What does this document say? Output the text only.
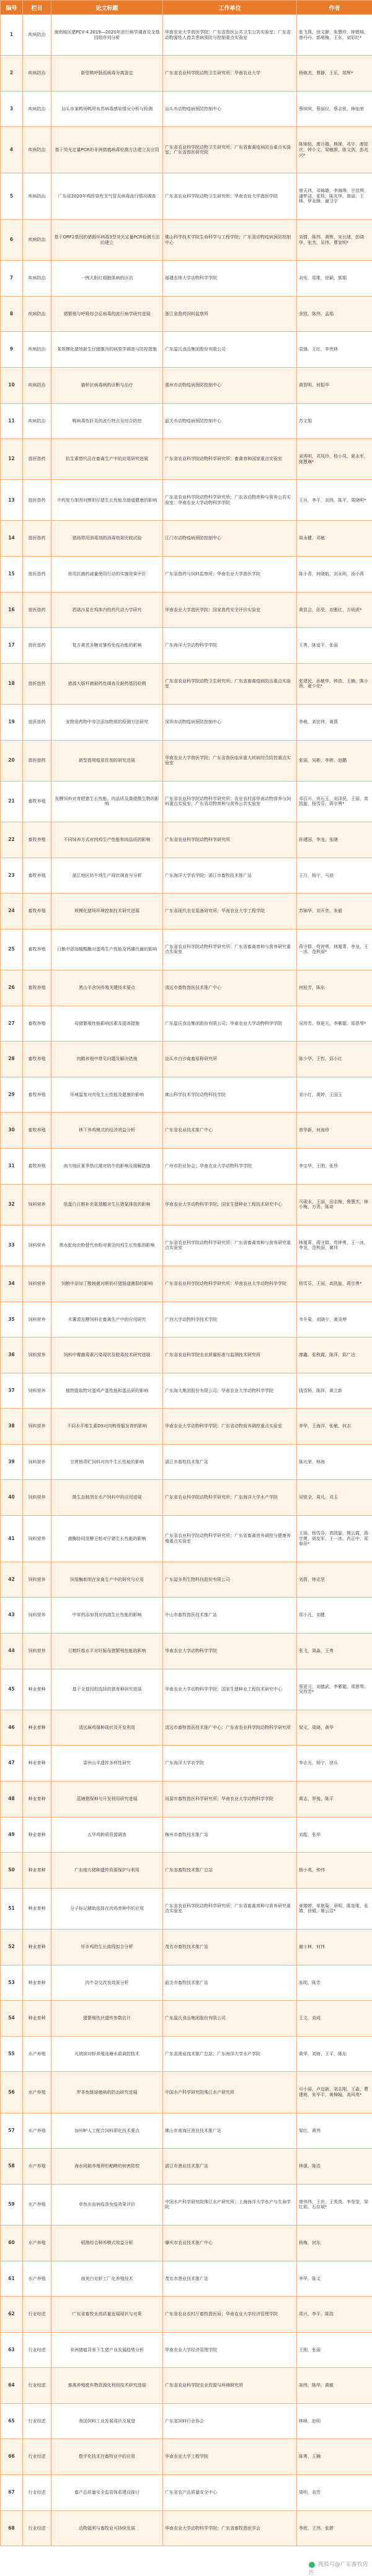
编号	栏目	论文标题	工作单位	作者
1	疾病防治	海南地区猪PCV-4 2019—2020年流行病学调查及全基因组序列分析	华南农业大学兽医学院；广东省兽医公共卫生公共实验室；广东省动物源性人兽共患病预防与控制重点实验室	张飞燕，徐文静，朱慧玲，钟碧城，曾丹丹，郭萌梅，王东，刘彩红*
2	疾病防治	新型鸭呼肠孤病毒分离鉴定	广东省农业科学院动物卫生研究所；华南农业大学	杨焕杰，曹静，王乐，郑辉*
3	疾病防治	汕头市某鸭场鸭坦布苏病毒感染情况分析与检测	汕头市动物疫病预防控制中心	蔡缤缤，蔡丽仪，蔡志锐，林灿荣
4	疾病防治	基于荧光定量PCR的非洲猪瘟病毒检测方法建立及应用	广东省农业科学院动物卫生研究所；广东省畜禽疫病防治重点实验室；广东省兽医研究院	陈锦铭，廖月娥，熊婵，邓宇，廖铭庆，钟小文，梁敏颜，陈文剑，彭兆兴*
5	疾病防治	广东省2020年鸡传染性支气管炎病毒流行情况调查	广东省农业科学院动物卫生研究所；华南农业大学兽医学院	曾天玮，邓锦雄，李海珠，甘佳琪，潘梦洁，张琰，陈光华，曾丽，王林，罗永锋，谢卫宇
6	疾病防治	基于ORF2基因的猪圆环病毒3型荧光定量PCR检测方法的建立	佛山科学技术学院生命科学与工程学院；广东省动物疫病预防控制中心	刘倩，陈伟，黄辉，宋长绪，彭晓华，张杰，吴伟，曹家明*
7	疾病防治	一例犬附红细胞体病的诊治	福建农林大学动物科学学院	刘安，郑维，徐颖，郭娟
8	疾病防治	猪繁殖与呼吸综合征病毒的流行病学研究进展	浙江省兽药饲料监察所	余凯，陈伟，孟娟
9	疾病防治	某规模化猪场新生仔猪腹泻的病原学调查与防控措施	广东温氏食品集团股份有限公司	袁锋，王红，李贵林
10	疾病防治	猫杯状病毒病的诊断与治疗	惠州市动物疫病预防控制中心	黄智明，何振华
11	疾病防治	鸭病毒性肝炎的流行特点及综合防控	韶关市动物疫病预防控制中心	苏文娟
12	兽医兽药	抗生素替代品在畜禽生产中的应用研究进展	广东省农业科学院动物科学研究所；畜禽育种国家重点实验室	刘秀明，邓凤玲，杨小凤，夏永军，陈慧琳*
13	兽医兽药	中药复方制剂对断奶仔猪生长性能及肠道健康的影响	广东省农业科学院动物科学研究所；广东省动物育种与营养公共实验室；华南农业大学动物科学学院	王兵，李平，刘伟，陈平，周晓明*
14	兽医兽药	猪场常用消毒剂的消毒效果比较试验	江门市动物疫病预防控制中心	周永健，邓敏
15	兽医兽药	兽用抗菌药减量使用行动的实施效果评价	广东省兽药与饲料监察所；华南农业大学兽医学院	陈小青，何晓航，刘永明，汤小燕
16	兽医兽药	恩诺沙星在鸡体内的药代动力学研究	华南农业大学兽医学院；国家兽药安全评价实验室	黄显会，孙坚，刘雅红，方炳虎*
17	兽医兽药	复方黄芪多糖对雏鸡免疫功能的影响	广东海洋大学动物科学学院	王勇，陈爱平，张丽
18	兽医兽药	猪源大肠杆菌耐药性调查及耐药基因检测	广东省农业科学院动物卫生研究所；广东省畜禽疫病防治重点实验室	张建民，孙敏华，钟浩，王楠，陈小燕，翟少伦*
19	兽医兽药	宠物用药物中非法添加物质的检测方法研究	深圳市动物疫病预防控制中心	李萌，刘宏伟，黄燕
20	兽医兽药	新型兽用疫苗佐剂的研究进展	华南农业大学兽医学院；广东省兽医临床重大疾病综合防控重点实验室	张丽，吴彬，李婷，赵鹏
21	畜牧养殖	发酵饲料对育肥猪生长性能、肉品质及粪便微生物的影响	广东省农业科学院动物科学研究所；农业农村部华南动物营养与饲料重点实验室；广东省动物育种与营养公共实验室	邓百川，宾石玉，刘泽民，王丽，高凯旋，杨雪芬，蒋宗勇*
22	畜牧养殖	不同饲养方式对肉鸡生产性能和肉品质的影响	广东省农业科学院动物科学研究所	孙建国，李龙，张晓
23	畜牧养殖	湛江地区奶牛场生产现状调查与分析	广东海洋大学农学院；湛江市畜牧技术推广站	王月，杨宁，马波
24	畜牧养殖	规模化猪场环境控制技术研究进展	广东省现代农业装备研究所；华南农业大学工程学院	苏锦华，刘开亮，朱毅
25	畜牧养殖	日粮中添加植酸酶对蛋鸡生产性能及钙磷代谢的影响	广东省农业科学院动物科学研究所；广东省畜禽育种与营养研究重点实验室	蒋守群，苟钟勇，林厦菁，李龙，王一冰，范秋丽*
26	畜牧养殖	黑山羊舍饲养殖关键技术要点	清远市畜牧兽医技术推广中心	何桂芳，陈东
27	畜牧养殖	母猪繁殖性能影响因素及提高措施	广东温氏食品集团股份有限公司；华南农业大学动物科学学院	吴珍芳，蔡更元，李紫聪，郑恩琴*
28	畜牧养殖	肉鹅养殖中常见问题及解决措施	汕头市白沙禽畜原种研究所	陈少华，王哲，邱小红
29	畜牧养殖	环境温度对肉兔生长性能及健康的影响	佛山科学技术学院动物科技学院	刘小红，黄婷，王国玉
30	畜牧养殖	林下养鸡模式的经济效益分析	广东省农业技术推广中心	曾华新，何海珍
31	畜牧养殖	南方地区夏季热应激对奶牛的影响及缓解措施	广州市奶业协会；华南农业大学动物科学学院	李宝华，王刚，张珍
32	饲料营养	低蛋白日粮补充氨基酸对生长猪氮排放的影响	华南农业大学动物科学学院；国家生猪种业工程技术研究中心	马现永，王丽，田志梅，鲁慧杰，林小梅，万青，陈奇
33	饲料营养	黑水虻幼虫粉替代鱼粉对黄羽肉鸡生长性能的影响	广东省农业科学院动物科学研究所；广东省畜禽育种与营养研究重点实验室	林厦菁，蒋守群，苟钟勇，王一冰，李龙，范秋丽，谢玮
34	饲料营养	饲粮中添加丁酸梭菌对断奶仔猪肠道菌群的影响	广东省农业科学院动物科学研究所；华南农业大学动物科学学院	杨雪芬，王丽，高凯旋，蒋宗勇*
35	饲料营养	木薯渣发酵饲料在畜禽生产中的应用研究	广西大学动物科学技术学院	韦升菊，刘晓宁，黄炎坤
36	饲料营养	饲料中霉菌毒素污染现状及脱毒技术研究进展	广东省农业科学院农业质量标准与监测技术研究所	廖鑫，张秋霞，陈萍，邱广达
37	饲料营养	植物提取物对蛋鸡产蛋性能和蛋品质的影响	广东海大集团股份有限公司；华南农业大学动物科学学院	钱雪桥，陈祥，黄立新
38	饲料营养	不同水平维生素D3对肉鸭骨骼发育的影响	华南农业大学动物科学学院；广东省动物营养调控重点实验室	李华，王海洋，张敏，何志
39	饲料营养	甘蔗梢青贮饲料对肉牛生长性能的影响	湛江市畜牧技术推广站	陈光荣，林海
40	饲料营养	微生态制剂在水产饲料中的应用进展	广东省农业科学院动物科学研究所；广东海洋大学水产学院	吴锐全，周凡，邓玉
41	饲料营养	菌酶协同发酵豆粕对仔猪生长性能的影响	广东省农业科学院动物科学研究所；广东省畜禽营养调控与健康养殖重点实验室	王丽，杨雪芬，高凯旋，熊云霞，蒋宗勇，胡友军，王一冰，肖正中，郑春田*
42	饲料营养	饲用酶制剂在家禽生产中的研究与应用	广东溢多利生物科技股份有限公司	刘燕，钟志坚
43	饲料营养	中草药添加剂对肉鸽生长性能的影响	中山市畜牧兽医技术推广站	郑小凡，刘健
44	饲料营养	日粮纤维水平对妊娠母猪繁殖性能的影响	华南农业大学动物科学学院	张飞，周淼，王勇
45	种业育种	基于全基因组选择的猪育种研究进展	华南农业大学动物科学学院；国家生猪种业工程技术研究中心	蔡更元，刘德武，李紫聪，郑恩琴，吴珍芳*
46	种业育种	清远麻鸡保种现状及开发利用	清远市畜牧兽医技术推广中心；广东省农业科学院动物科学研究所	梁文，周晓，黄华
47	种业育种	雷州山羊遗传多样性研究	广东海洋大学农学院	李志光，杨宁，徐兵
48	种业育种	蓝塘猪保种与开发利用研究进展	河源市畜牧兽医科学研究所；华南农业大学动物科学学院	黄志，罗俊，陈平
49	种业育种	五华鸡种质资源调查	梅州市畜牧技术推广站	刘彪，张华
50	种业育种	广东地方猪种遗传资源保护与利用	广东省畜牧技术推广总站	杨小英，钟伟
51	种业育种	分子标记辅助选择在肉鸡育种中的应用	广东省农业科学院动物科学研究所；广东省畜禽育种与营养研究重点实验室	束婧婷，单艳菊，章明，陈宽维，张婧，徐毅，屠云洁*
52	种业育种	怀乡鸡的生长曲线拟合分析	茂名市畜牧技术推广站	谢小林，何伟
53	种业育种	肉牛杂交改良效果分析	韶关市畜牧技术推广站	朱明，陈芳
54	种业育种	猪繁殖性状遗传参数估计	广东温氏食品集团股份有限公司	王文，刘成
55	水产养殖	凡纳滨对虾养殖池塘水质调控技术	广东省渔业技术推广总站；广东海洋大学水产学院	黄华，刘海，王平，陈东
56	水产养殖	罗非鱼链球菌病的防治研究进展	中国水产科学研究院珠江水产研究所	可小丽，卢迈新，刘志刚，王淼，曹建萌，朱华平，黄樟翰，高风英*
57	水产养殖	加州鲈人工配合饲料驯化技术要点	佛山市南海区渔业技术推广站	梁红，黄伟
58	水产养殖	海水网箱养殖卵形鲳鲹的病害防控	湛江市渔业技术推广站	林强，陈浩
59	水产养殖	草鱼出血病疫苗免疫效果评价	中国水产科学研究院珠江水产研究所；上海海洋大学水产与生命学院	曾伟伟，王庆，王英英，李莹莹，梁红茹，石存斌*
60	水产养殖	稻渔综合种养模式效益分析	肇庆市农业技术推广中心	杨梅，何东
61	水产养殖	南美白对虾工厂化养殖技术	茂名市渔业技术推广站	李华，陈文
62	行业综述	广东省畜牧业高质量发展现状与对策	广东省农业农村厅畜牧兽医局；华南农业大学经济管理学院	郑兴，李平，陈浩
63	行业综述	非洲猪瘟背景下生猪产业发展趋势分析	华南农业大学经济管理学院	王刚，张丽
64	行业综述	畜禽养殖废弃物资源化利用技术研究进展	广东省农业科学院农业资源与环境研究所	刘伟，陈华，黄敏
65	行业综述	我国饲料工业发展现状及展望	广东省饲料行业协会	林峰，赵明
66	行业综述	数字化技术在畜牧业中的应用	华南农业大学工程学院	陈勇，王楠
67	行业综述	畜产品质量安全监管体系建设探讨	广东省农产品质量安全中心	周明，刘芳
68	行业综述	动物福利与畜牧业可持续发展	华南农业大学动物科学学院；广东省畜牧兽医学会	李欣，王伟，张婷
搜狐号@广东畜牧兽医
